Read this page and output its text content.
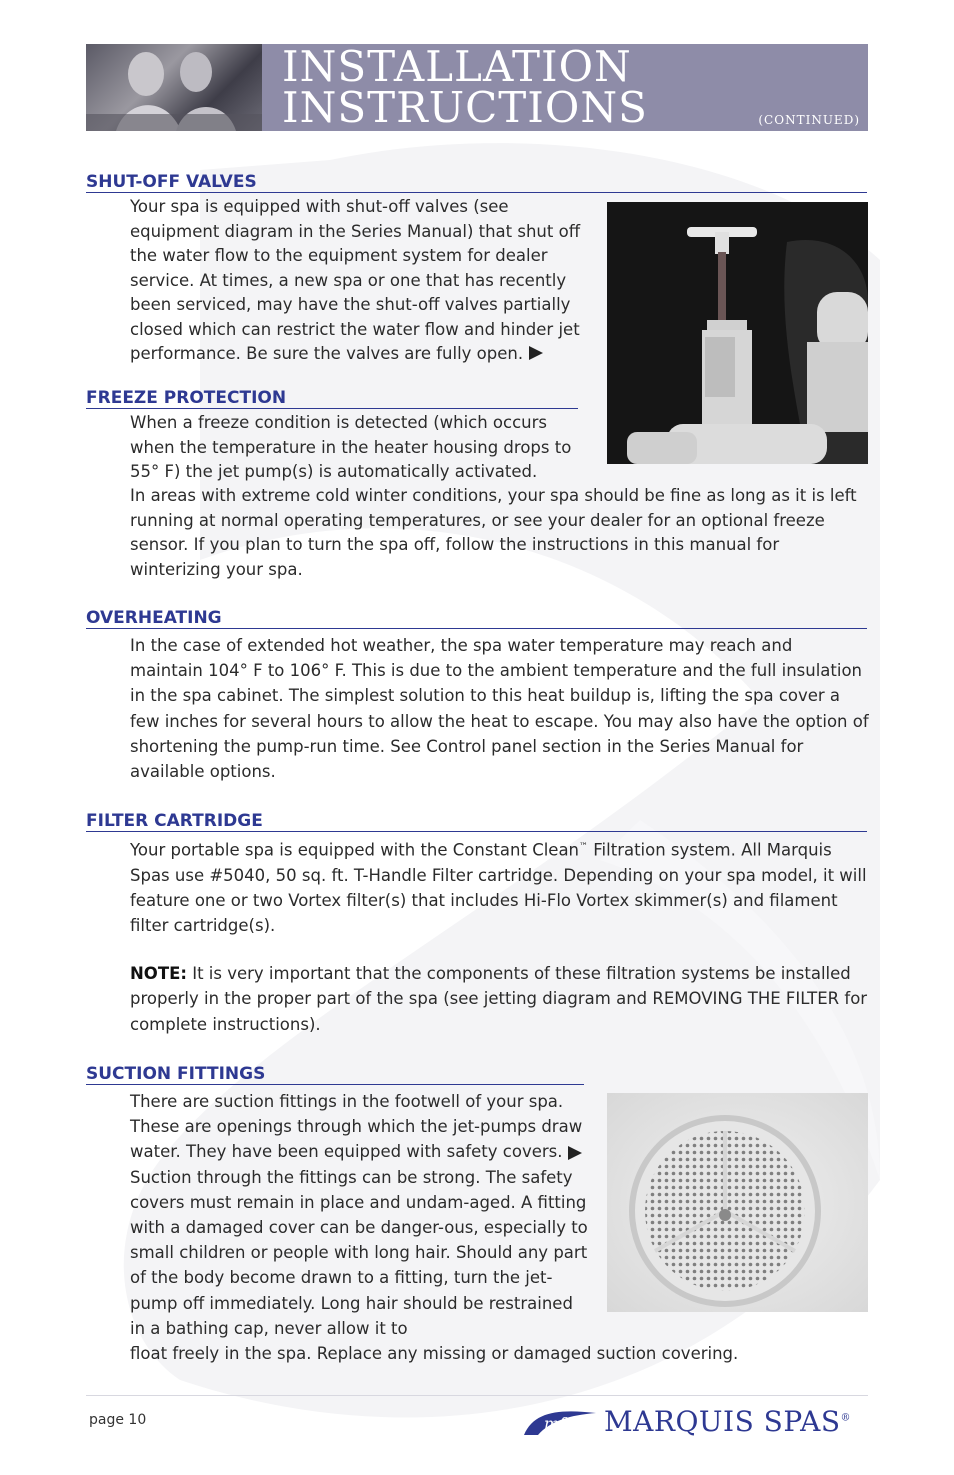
INSTALLATION
INSTRUCTIONS	(CONTINUED)
SHUT-OFF VALVES

Your spa is equipped with shut-off valves (see equipment diagram in the Series Manual) that shut off the water flow to the equipment system for dealer service. At times, a new spa or one that has recently been serviced, may have the shut-off valves partially closed which can restrict the water flow and hinder jet performance. Be sure the valves are fully open.

FREEZE PROTECTION

When a freeze condition is detected (which occurs when the temperature in the heater housing drops to 55° F) the jet pump(s) is automatically activated.

In areas with extreme cold winter conditions, your spa should be fine as long as it is left running at normal operating temperatures, or see your dealer for an optional freeze sensor. If you plan to turn the spa off, follow the instructions in this manual for winterizing your spa.

OVERHEATING

In the case of extended hot weather, the spa water temperature may reach and maintain 104° F to 106° F. This is due to the ambient temperature and the full insulation in the spa cabinet. The simplest solution to this heat buildup is, lifting the spa cover a few inches for several hours to allow the heat to escape. You may also have the option of shortening the pump-run time. See Control panel section in the Series Manual for available options.

FILTER CARTRIDGE

Your portable spa is equipped with the Constant Clean™ Filtration system. All Marquis Spas use #5040, 50 sq. ft. T-Handle Filter cartridge. Depending on your spa model, it will feature one or two Vortex filter(s) that includes Hi-Flo Vortex skimmer(s) and filament filter cartridge(s).

NOTE: It is very important that the components of these filtration systems be installed properly in the proper part of the spa (see jetting diagram and REMOVING THE FILTER for complete instructions).

SUCTION FITTINGS

There are suction fittings in the footwell of your spa. These are openings through which the jet-pumps draw water. They have been equipped with safety covers. Suction through the fittings can be strong. The safety covers must remain in place and undam-aged. A fitting with a damaged cover can be danger-ous, especially to small children or people with long hair. Should any part of the body become drawn to a fitting, turn the jet-pump off immediately. Long hair should be restrained in a bathing cap, never allow it to

float freely in the spa. Replace any missing or damaged suction covering.

page 10	mf MARQUIS SPAS®
